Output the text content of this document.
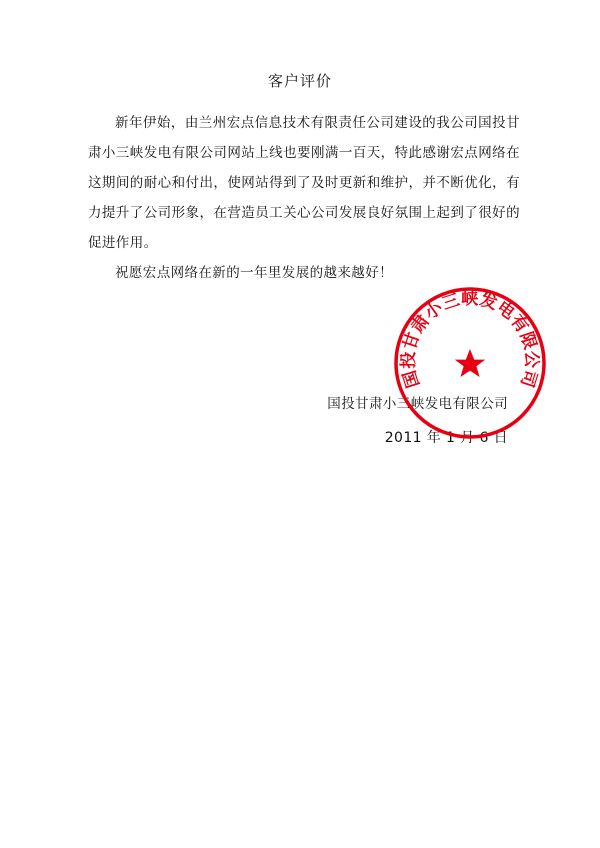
客户评价

新年伊始，由兰州宏点信息技术有限责任公司建设的我公司国投甘肃小三峡发电有限公司网站上线也要刚满一百天，特此感谢宏点网络在这期间的耐心和付出，使网站得到了及时更新和维护，并不断优化，有力提升了公司形象，在营造员工关心公司发展良好氛围上起到了很好的促进作用。

祝愿宏点网络在新的一年里发展的越来越好！

国投甘肃小三峡发电有限公司
2011 年 1 月 6 日
国投甘肃小三峡发电有限公司
